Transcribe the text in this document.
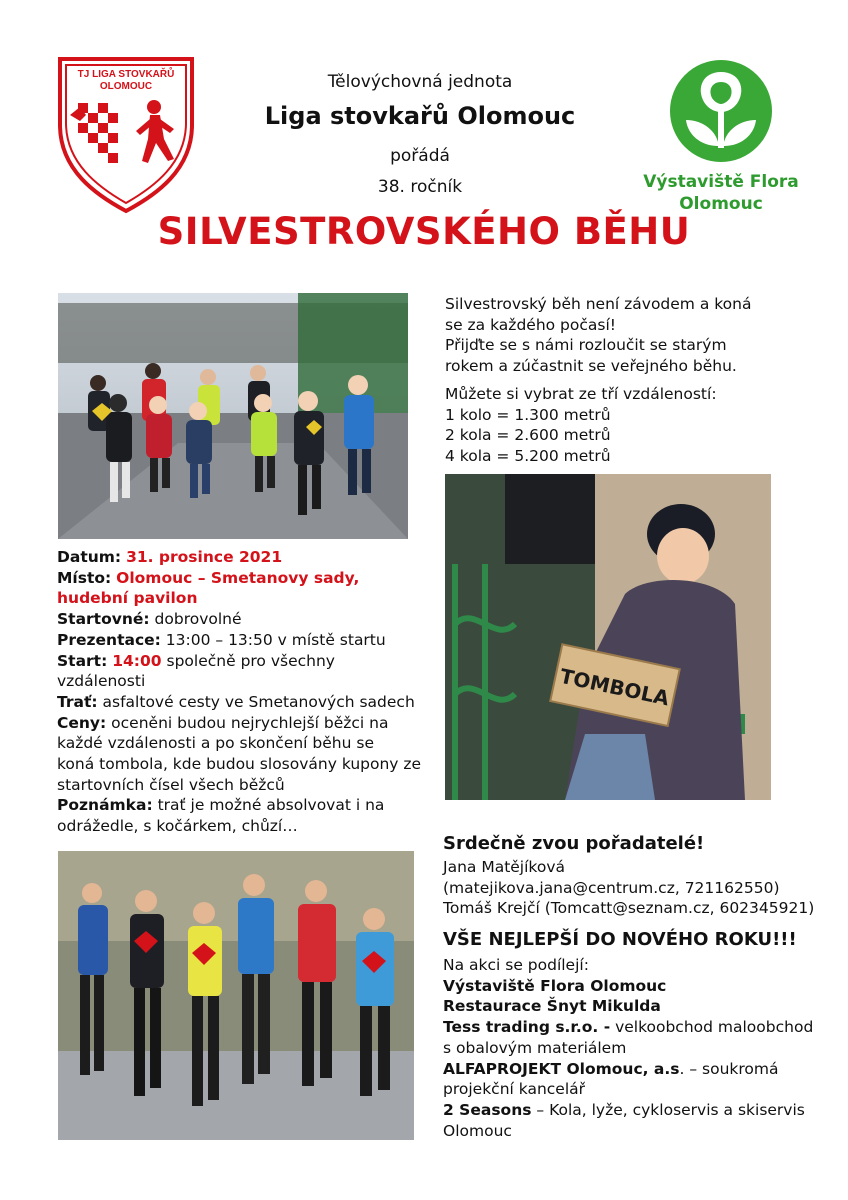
TJ LIGA STOVKAŘŮ
OLOMOUC	Tělovýchovná jednota
Liga stovkařů Olomouc
pořádá
38. ročník
SILVESTROVSKÉHO BĚHU
Výstaviště Flora
Olomouc
Silvestrovský běh není závodem a koná
se za každého počasí!
Přijďte se s námi rozloučit se starým
rokem a zúčastnit se veřejného běhu.
Můžete si vybrat ze tří vzdáleností:
1 kolo = 1.300 metrů
2 kola = 2.600 metrů
4 kola = 5.200 metrů
TOMBOLA
Datum: 31. prosince 2021
Místo: Olomouc – Smetanovy sady,
hudební pavilon
Startovné: dobrovolné
Prezentace: 13:00 – 13:50 v místě startu
Start: 14:00 společně pro všechny
vzdálenosti
Trať: asfaltové cesty ve Smetanových sadech
Ceny: oceněni budou nejrychlejší běžci na
každé vzdálenosti a po skončení běhu se
koná tombola, kde budou slosovány kupony ze
startovních čísel všech běžců
Poznámka: trať je možné absolvovat i na
odrážedle, s kočárkem, chůzí…
Srdečně zvou pořadatelé!
Jana Matějíková
(matejikova.jana@centrum.cz, 721162550)
Tomáš Krejčí (Tomcatt@seznam.cz, 602345921)
VŠE NEJLEPŠÍ DO NOVÉHO ROKU!!!
Na akci se podílejí:
Výstaviště Flora Olomouc
Restaurace Šnyt Mikulda
Tess trading s.r.o. - velkoobchod maloobchod
s obalovým materiálem
ALFAPROJEKT Olomouc, a.s. – soukromá
projekční kancelář
2 Seasons – Kola, lyže, cykloservis a skiservis
Olomouc
